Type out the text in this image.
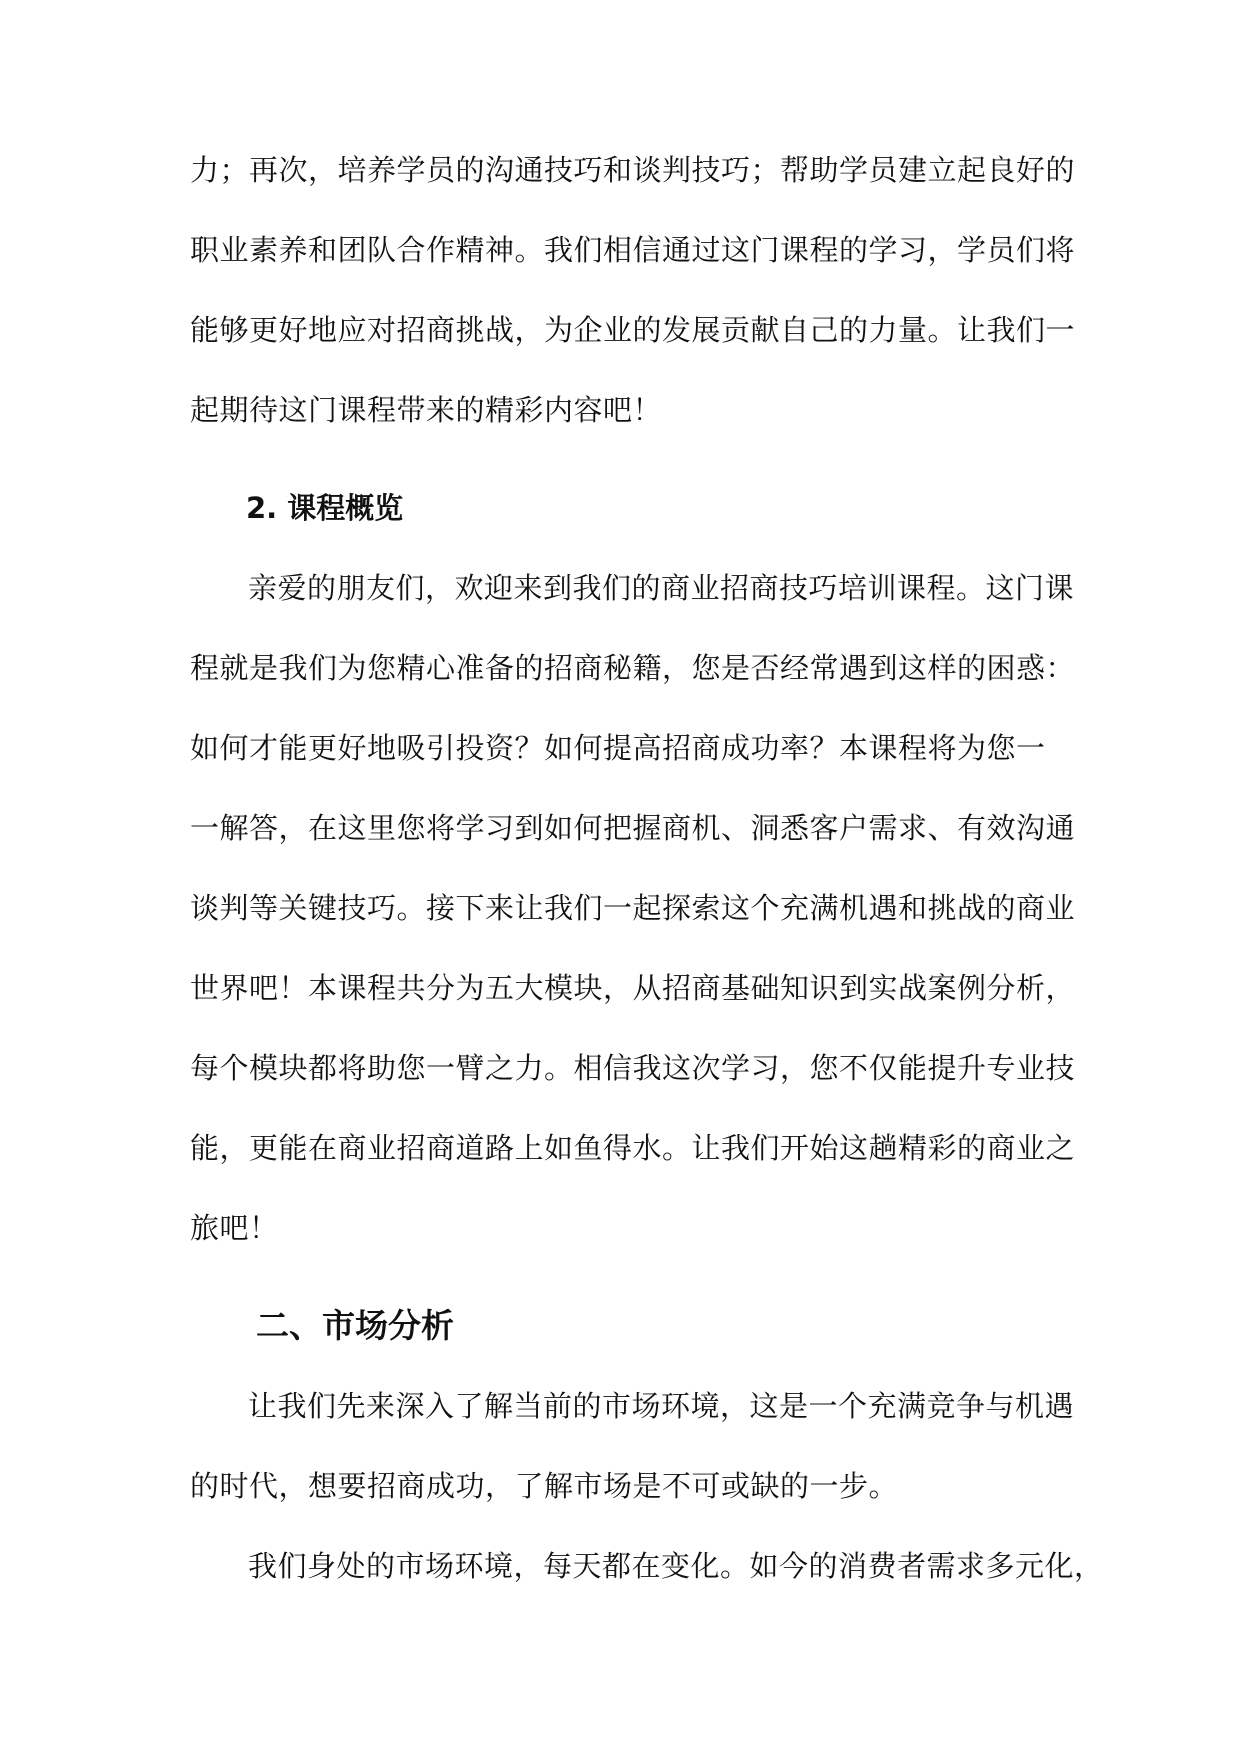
力；再次，培养学员的沟通技巧和谈判技巧；帮助学员建立起良好的
职业素养和团队合作精神。我们相信通过这门课程的学习，学员们将
能够更好地应对招商挑战，为企业的发展贡献自己的力量。让我们一
起期待这门课程带来的精彩内容吧！
2. 课程概览
亲爱的朋友们，欢迎来到我们的商业招商技巧培训课程。这门课
程就是我们为您精心准备的招商秘籍，您是否经常遇到这样的困惑：
如何才能更好地吸引投资？如何提高招商成功率？本课程将为您一
一解答，在这里您将学习到如何把握商机、洞悉客户需求、有效沟通
谈判等关键技巧。接下来让我们一起探索这个充满机遇和挑战的商业
世界吧！本课程共分为五大模块，从招商基础知识到实战案例分析，
每个模块都将助您一臂之力。相信我这次学习，您不仅能提升专业技
能，更能在商业招商道路上如鱼得水。让我们开始这趟精彩的商业之
旅吧！
二、市场分析
让我们先来深入了解当前的市场环境，这是一个充满竞争与机遇
的时代，想要招商成功，了解市场是不可或缺的一步。
我们身处的市场环境，每天都在变化。如今的消费者需求多元化，
